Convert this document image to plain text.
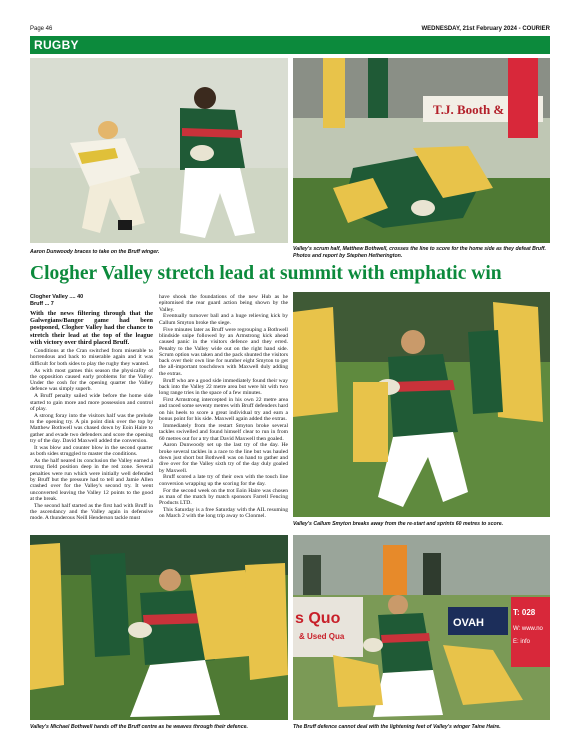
Page 46	WEDNESDAY, 21st February 2024 - COURIER
RUGBY
Aaron Dunwoody braces to take on the Bruff winger.
T.J. Booth &
Valley's scrum half, Matthew Bothwell, crosses the line to score for the home side as they defeat Bruff. Photos and report by Stephen Hetherington.
Clogher Valley stretch lead at summit with emphatic win
Clogher Valley .... 40
Bruff ... 7

With the news filtering through that the Galwegians/Bangor game had been postponed, Clogher Valley had the chance to stretch their lead at the top of the league with victory over third placed Bruff.

Conditions at the Cran switched from miserable to horrendous and back to miserable again and it was difficult for both sides to play the rugby they wanted.

As with most games this season the physicality of the opposition caused early problems for the Valley. Under the cosh for the opening quarter the Valley defence was simply superb.

A Bruff penalty sailed wide before the home side started to gain more and more possession and control of play.

A strong foray into the visitors half was the prelude to the opening try. A pin point dink over the top by Matthew Bothwell was chased down by Eoin Haire to gather and evade two defenders and score the opening try of the day. David Maxwell added the conversion.

It was blow and counter blow in the second quarter as both sides struggled to master the conditions.

As the half neared its conclusion the Valley earned a strong field position deep in the red zone. Several penalties were run which were initially well defended by Bruff but the pressure had to tell and Jamie Allen crashed over for the Valley's second try. It went unconverted leaving the Valley 12 points to the good at the break.

The second half started as the first had with Bruff in the ascendancy and the Valley again in defensive mode. A thunderous Neill Henderson tackle must

have shook the foundations of the new Hub as he epitomised the rear guard action being shown by the Valley.

Eventually turnover ball and a huge relieving kick by Callum Smyton broke the siege.

Five minutes later as Bruff were regrouping a Bothwell blindside snipe followed by an Armstrong kick ahead caused panic in the visitors defence and they erred. Penalty to the Valley wide out on the right hand side. Scrum option was taken and the pack shunted the visitors back over their own line for number eight Smyton to get the all-important touchdown with Maxwell duly adding the extras.

Bruff who are a good side immediately found their way back into the Valley 22 metre area but were hit with two long range tries in the space of a few minutes.

First Armstrong intercepted in his own 22 metre area and raced some seventy metres with Bruff defenders hard on his heels to score a great individual try and earn a bonus point for his side. Maxwell again added the extras.

Immediately from the restart Smyton broke several tackles swivelled and found himself clear to run in from 60 metres out for a try that David Maxwell then goaled.

Aaron Dunwoody set up the last try of the day. He broke several tackles in a race to the line but was hauled down just short but Bothwell was on hand to gather and dive over for the Valley sixth try of the day duly goaled by Maxwell.

Bruff scored a late try of their own with the touch line conversion wrapping up the scoring for the day.

For the second week on the trot Eoin Haire was chosen as man of the match by match sponsors Farrell Fencing Products LTD.

This Saturday is a free Saturday with the AIL resuming on March 2 with the long trip away to Clonmel.

Valley's Callum Smyton breaks away from the re-start and sprints 60 metres to score.
Valley's Michael Bothwell hands off the Bruff centre as he weaves through their defence.
s Quo
& Used Qua
OVAH
T: 028
W: www.no
E: info
The Bruff defence cannot deal with the lightening feet of Valley's winger Taine Haire.
